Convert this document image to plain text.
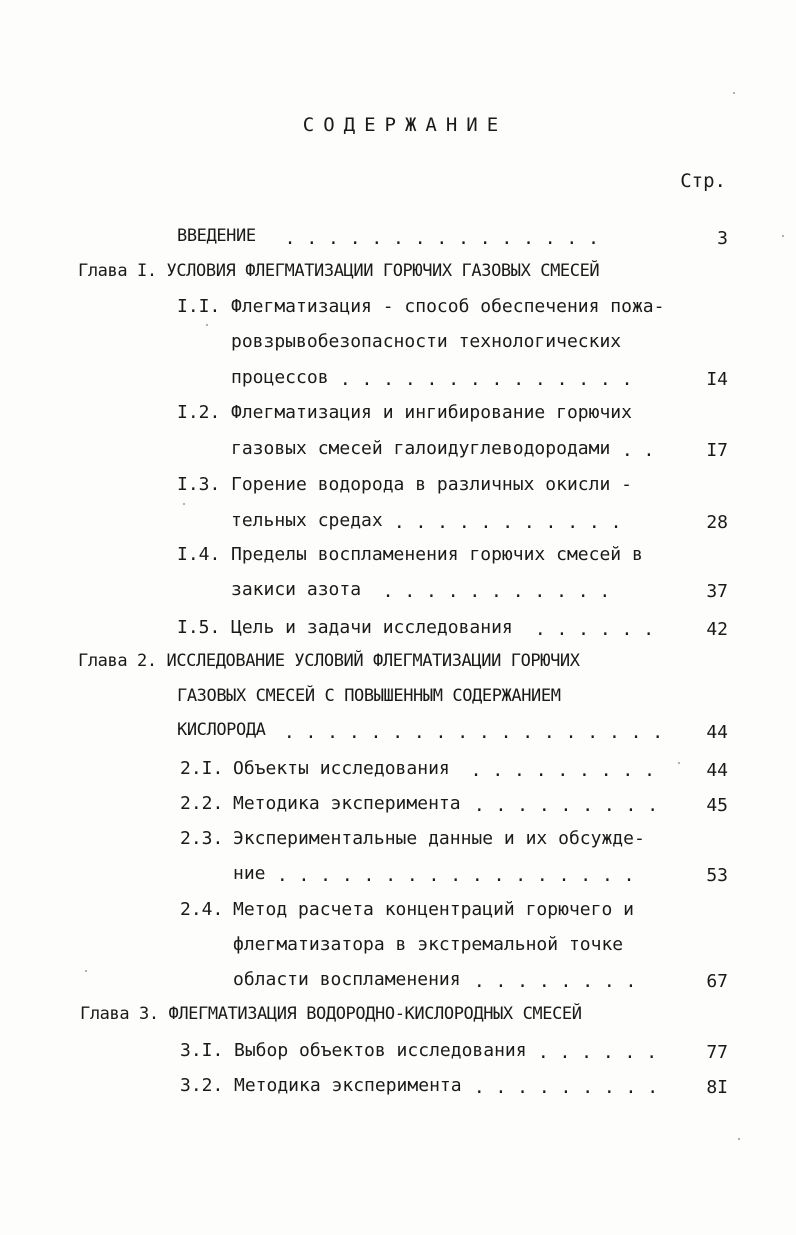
СОДЕРЖАНИЕ
Стр.
ВВЕДЕНИЕ . . . . . . . . . . . . . . .	3
Глава I. УСЛОВИЯ ФЛЕГМАТИЗАЦИИ ГОРЮЧИХ ГАЗОВЫХ СМЕСЕЙ
I.I. Флегматизация - способ обеспечения пожа-
ровзрывобезопасности технологических
процессов . . . . . . . . . . . . . .	I4
I.2. Флегматизация и ингибирование горючих
газовых смесей галоидуглеводородами . .	I7
I.3. Горение водорода в различных окисли -
тельных средах . . . . . . . . . . .	28
I.4. Пределы воспламенения горючих смесей в
закиси азота . . . . . . . . . . .	37
I.5. Цель и задачи исследования . . . . . .	42
Глава 2. ИССЛЕДОВАНИЕ УСЛОВИЙ ФЛЕГМАТИЗАЦИИ ГОРЮЧИХ
ГАЗОВЫХ СМЕСЕЙ С ПОВЫШЕННЫМ СОДЕРЖАНИЕМ
КИСЛОРОДА . . . . . . . . . . . . . . . . . .	44
2.I. Объекты исследования . . . . . . . . .	44
2.2. Методика эксперимента . . . . . . . . .	45
2.3. Экспериментальные данные и их обсужде-
ние . . . . . . . . . . . . . . . . .	53
2.4. Метод расчета концентраций горючего и
флегматизатора в экстремальной точке
области воспламенения . . . . . . . .	67
Глава 3. ФЛЕГМАТИЗАЦИЯ ВОДОРОДНО-КИСЛОРОДНЫХ СМЕСЕЙ
3.I. Выбор объектов исследования . . . . . .	77
3.2. Методика эксперимента . . . . . . . . .	8I
